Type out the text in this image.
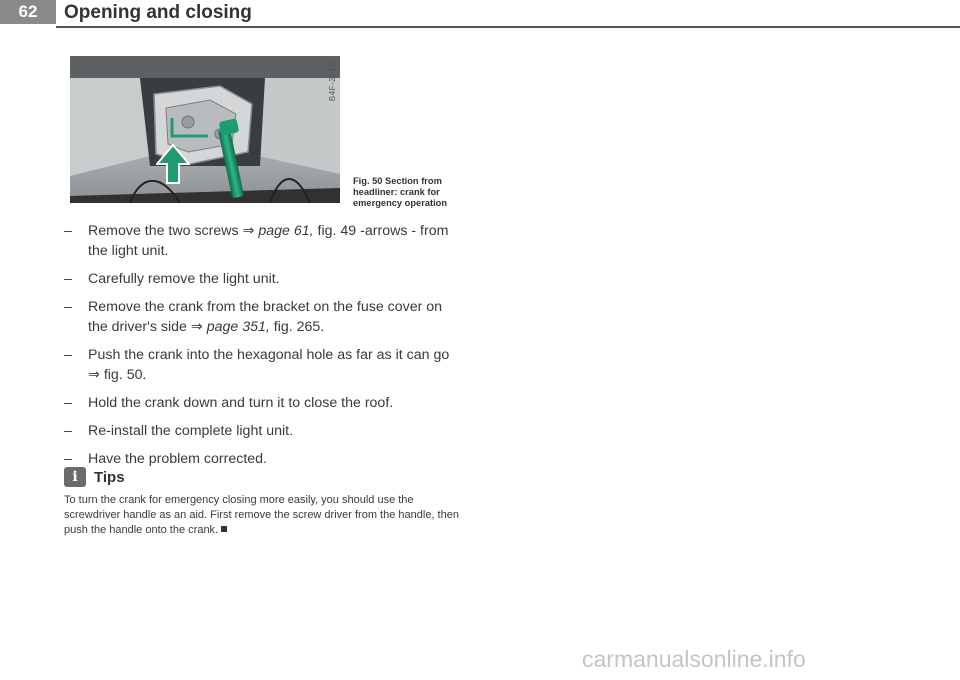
62	Opening and closing
B4F-2018
Fig. 50 Section from headliner: crank for emergency operation
–	Remove the two screws ⇒ page 61, fig. 49 -arrows - from the light unit.
–	Carefully remove the light unit.
–	Remove the crank from the bracket on the fuse cover on the driver's side ⇒ page 351, fig. 265.
–	Push the crank into the hexagonal hole as far as it can go ⇒ fig. 50.
–	Hold the crank down and turn it to close the roof.
–	Re-install the complete light unit.
–	Have the problem corrected.
i	Tips

To turn the crank for emergency closing more easily, you should use the screwdriver handle as an aid. First remove the screw driver from the handle, then push the handle onto the crank.

carmanualsonline.info
